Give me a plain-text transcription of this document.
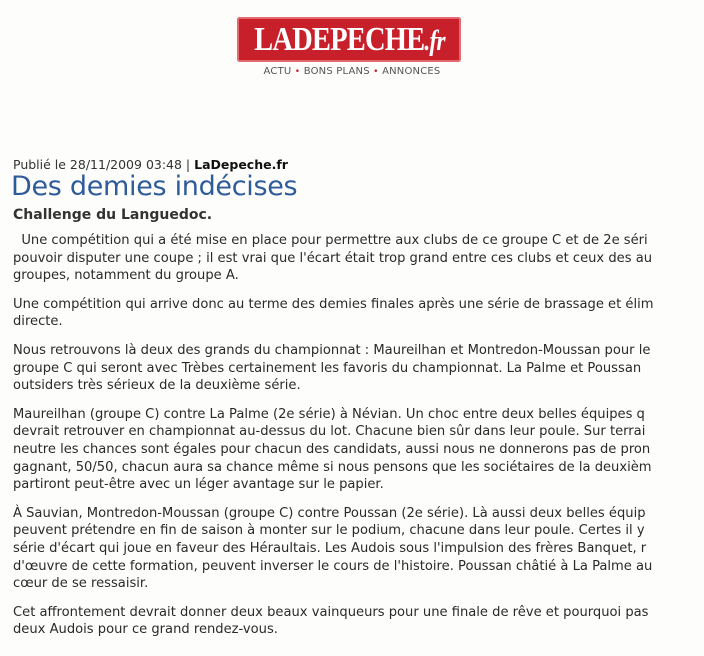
LADEPECHE.fr
ACTU • BONS PLANS • ANNONCES
Publié le 28/11/2009 03:48 | LaDepeche.fr
Des demies indécises
Challenge du Languedoc.

Une compétition qui a été mise en place pour permettre aux clubs de ce groupe C et de 2e séri
pouvoir disputer une coupe ; il est vrai que l'écart était trop grand entre ces clubs et ceux des au
groupes, notamment du groupe A.

Une compétition qui arrive donc au terme des demies finales après une série de brassage et élim
directe.

Nous retrouvons là deux des grands du championnat : Maureilhan et Montredon-Moussan pour le
groupe C qui seront avec Trèbes certainement les favoris du championnat. La Palme et Poussan
outsiders très sérieux de la deuxième série.

Maureilhan (groupe C) contre La Palme (2e série) à Névian. Un choc entre deux belles équipes q
devrait retrouver en championnat au-dessus du lot. Chacune bien sûr dans leur poule. Sur terrai
neutre les chances sont égales pour chacun des candidats, aussi nous ne donnerons pas de pron
gagnant, 50/50, chacun aura sa chance même si nous pensons que les sociétaires de la deuxièm
partiront peut-être avec un léger avantage sur le papier.

À Sauvian, Montredon-Moussan (groupe C) contre Poussan (2e série). Là aussi deux belles équip
peuvent prétendre en fin de saison à monter sur le podium, chacune dans leur poule. Certes il y
série d'écart qui joue en faveur des Héraultais. Les Audois sous l'impulsion des frères Banquet, r
d'œuvre de cette formation, peuvent inverser le cours de l'histoire. Poussan châtié à La Palme au
cœur de se ressaisir.

Cet affrontement devrait donner deux beaux vainqueurs pour une finale de rêve et pourquoi pas
deux Audois pour ce grand rendez-vous.
